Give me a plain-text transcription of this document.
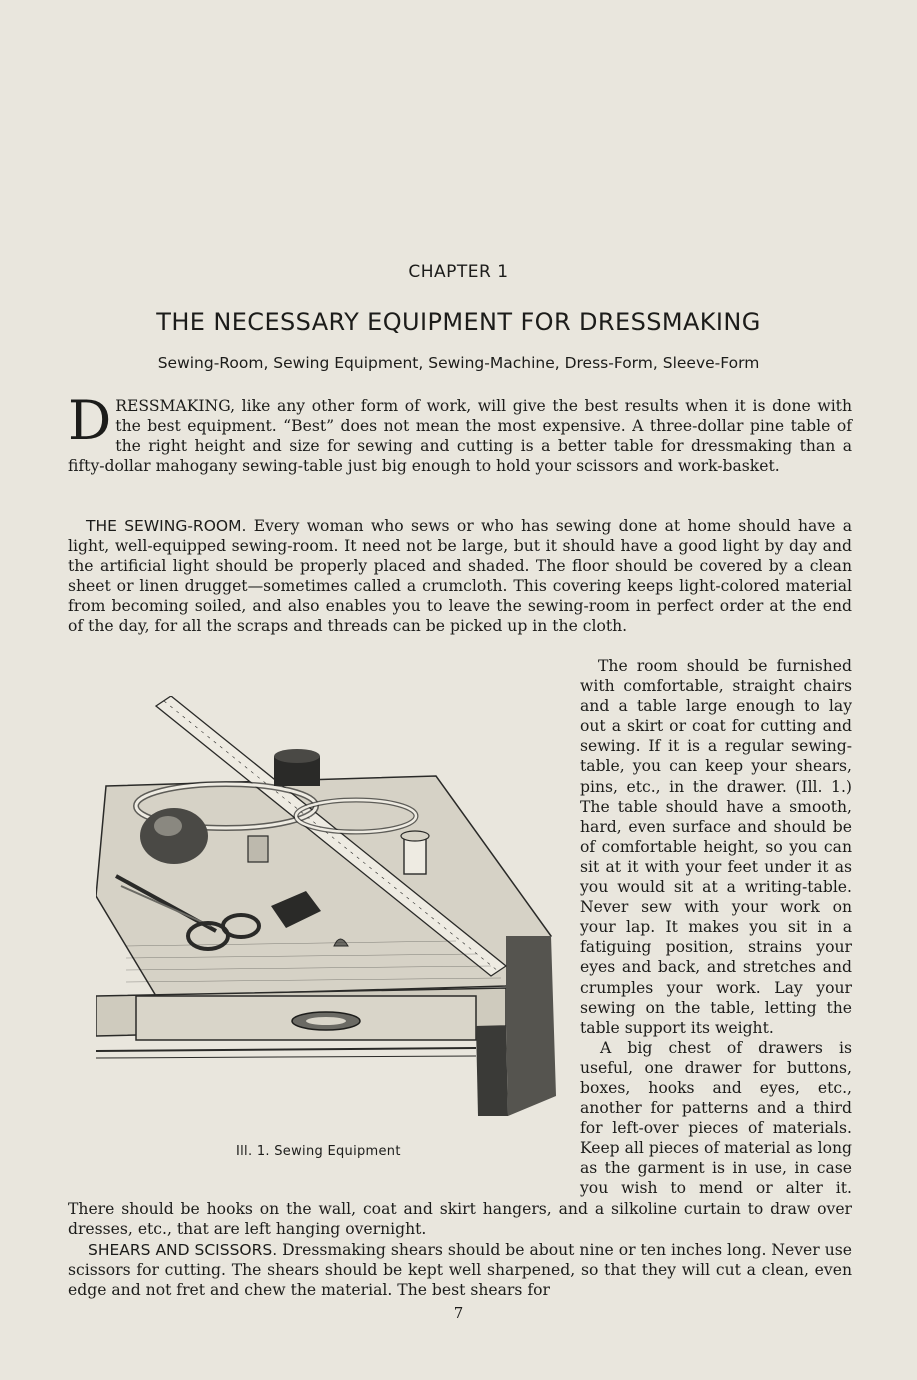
CHAPTER 1
THE NECESSARY EQUIPMENT FOR DRESSMAKING
Sewing-Room, Sewing Equipment, Sewing-Machine, Dress-Form, Sleeve-Form

DRESSMAKING, like any other form of work, will give the best results when it is done with the best equipment. “Best” does not mean the most expensive. A three-dollar pine table of the right height and size for sewing and cutting is a better table for dressmaking than a fifty-dollar mahogany sewing-table just big enough to hold your scissors and work-basket.

THE SEWING-ROOM. Every woman who sews or who has sewing done at home should have a light, well-equipped sewing-room. It need not be large, but it should have a good light by day and the artificial light should be properly placed and shaded. The floor should be covered by a clean sheet or linen drugget—sometimes called a crumcloth. This covering keeps light-colored material from becoming soiled, and also enables you to leave the sewing-room in perfect order at the end of the day, for all the scraps and threads can be picked up in the cloth.

Ill. 1. Sewing Equipment
The room should be furnished with comfortable, straight chairs and a table large enough to lay out a skirt or coat for cutting and sewing. If it is a regular sewing-table, you can keep your shears, pins, etc., in the drawer. (Ill. 1.) The table should have a smooth, hard, even surface and should be of comfortable height, so you can sit at it with your feet under it as you would sit at a writing-table. Never sew with your work on your lap. It makes you sit in a fatiguing position, strains your eyes and back, and stretches and crumples your work. Lay your sewing on the table, letting the table support its weight.
A big chest of drawers is useful, one drawer for buttons, boxes, hooks and eyes, etc., another for patterns and a third for left-over pieces of materials. Keep all pieces of material as long as the garment is in use, in case you wish to mend or alter it. There should be hooks on the wall, coat and skirt hangers, and a silkoline curtain to draw over dresses, etc., that are left hanging overnight.

SHEARS AND SCISSORS. Dressmaking shears should be about nine or ten inches long. Never use scissors for cutting. The shears should be kept well sharpened, so that they will cut a clean, even edge and not fret and chew the material. The best shears for

7
